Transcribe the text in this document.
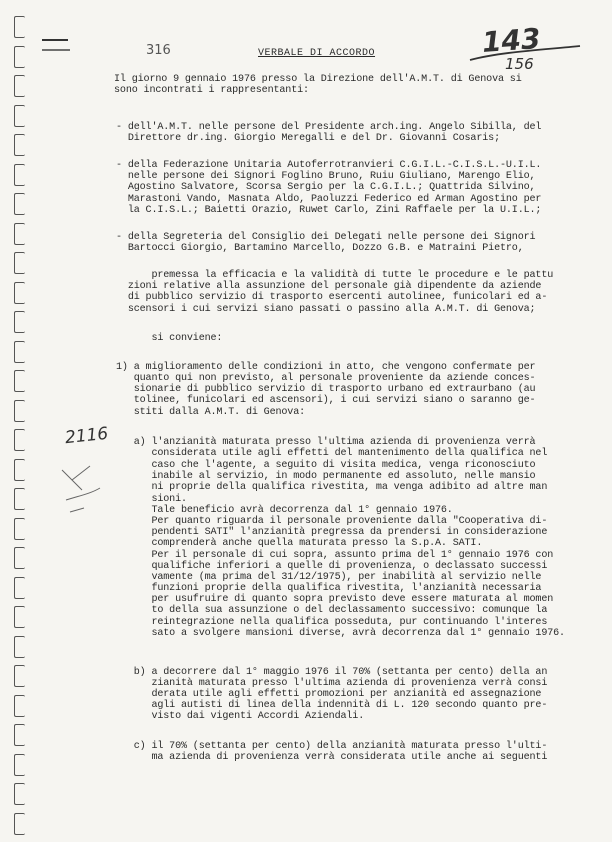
316	143
156
2116
VERBALE DI ACCORDO
Il giorno 9 gennaio 1976 presso la Direzione dell'A.M.T. di Genova si
sono incontrati i rappresentanti:
- dell'A.M.T. nelle persone del Presidente arch.ing. Angelo Sibilla, del
Direttore dr.ing. Giorgio Meregalli e del Dr. Giovanni Cosaris;
- della Federazione Unitaria Autoferrotranvieri C.G.I.L.-C.I.S.L.-U.I.L.
nelle persone dei Signori Foglino Bruno, Ruiu Giuliano, Marengo Elio,
Agostino Salvatore, Scorsa Sergio per la C.G.I.L.; Quattrida Silvino,
Marastoni Vando, Masnata Aldo, Paoluzzi Federico ed Arman Agostino per
la C.I.S.L.; Baietti Orazio, Ruwet Carlo, Zini Raffaele per la U.I.L.;
- della Segreteria del Consiglio dei Delegati nelle persone dei Signori
Bartocci Giorgio, Bartamino Marcello, Dozzo G.B. e Matraini Pietro,
premessa la efficacia e la validità di tutte le procedure e le pattu
zioni relative alla assunzione del personale già dipendente da aziende
di pubblico servizio di trasporto esercenti autolinee, funicolari ed a-
scensori i cui servizi siano passati o passino alla A.M.T. di Genova;
si conviene:
1) a miglioramento delle condizioni in atto, che vengono confermate per
quanto qui non previsto, al personale proveniente da aziende conces-
sionarie di pubblico servizio di trasporto urbano ed extraurbano (au
tolinee, funicolari ed ascensori), i cui servizi siano o saranno ge-
stiti dalla A.M.T. di Genova:
a) l'anzianità maturata presso l'ultima azienda di provenienza verrà
considerata utile agli effetti del mantenimento della qualifica nel
caso che l'agente, a seguito di visita medica, venga riconosciuto
inabile al servizio, in modo permanente ed assoluto, nelle mansio
ni proprie della qualifica rivestita, ma venga adibito ad altre man
sioni.
Tale beneficio avrà decorrenza dal 1° gennaio 1976.
Per quanto riguarda il personale proveniente dalla "Cooperativa di-
pendenti SATI" l'anzianità pregressa da prendersi in considerazione
comprenderà anche quella maturata presso la S.p.A. SATI.
Per il personale di cui sopra, assunto prima del 1° gennaio 1976 con
qualifiche inferiori a quelle di provenienza, o declassato successi
vamente (ma prima del 31/12/1975), per inabilità al servizio nelle
funzioni proprie della qualifica rivestita, l'anzianità necessaria
per usufruire di quanto sopra previsto deve essere maturata al momen
to della sua assunzione o del declassamento successivo: comunque la
reintegrazione nella qualifica posseduta, pur continuando l'interes
sato a svolgere mansioni diverse, avrà decorrenza dal 1° gennaio 1976.
b) a decorrere dal 1° maggio 1976 il 70% (settanta per cento) della an
zianità maturata presso l'ultima azienda di provenienza verrà consi
derata utile agli effetti promozioni per anzianità ed assegnazione
agli autisti di linea della indennità di L. 120 secondo quanto pre-
visto dai vigenti Accordi Aziendali.
c) il 70% (settanta per cento) della anzianità maturata presso l'ulti-
ma azienda di provenienza verrà considerata utile anche ai seguenti
